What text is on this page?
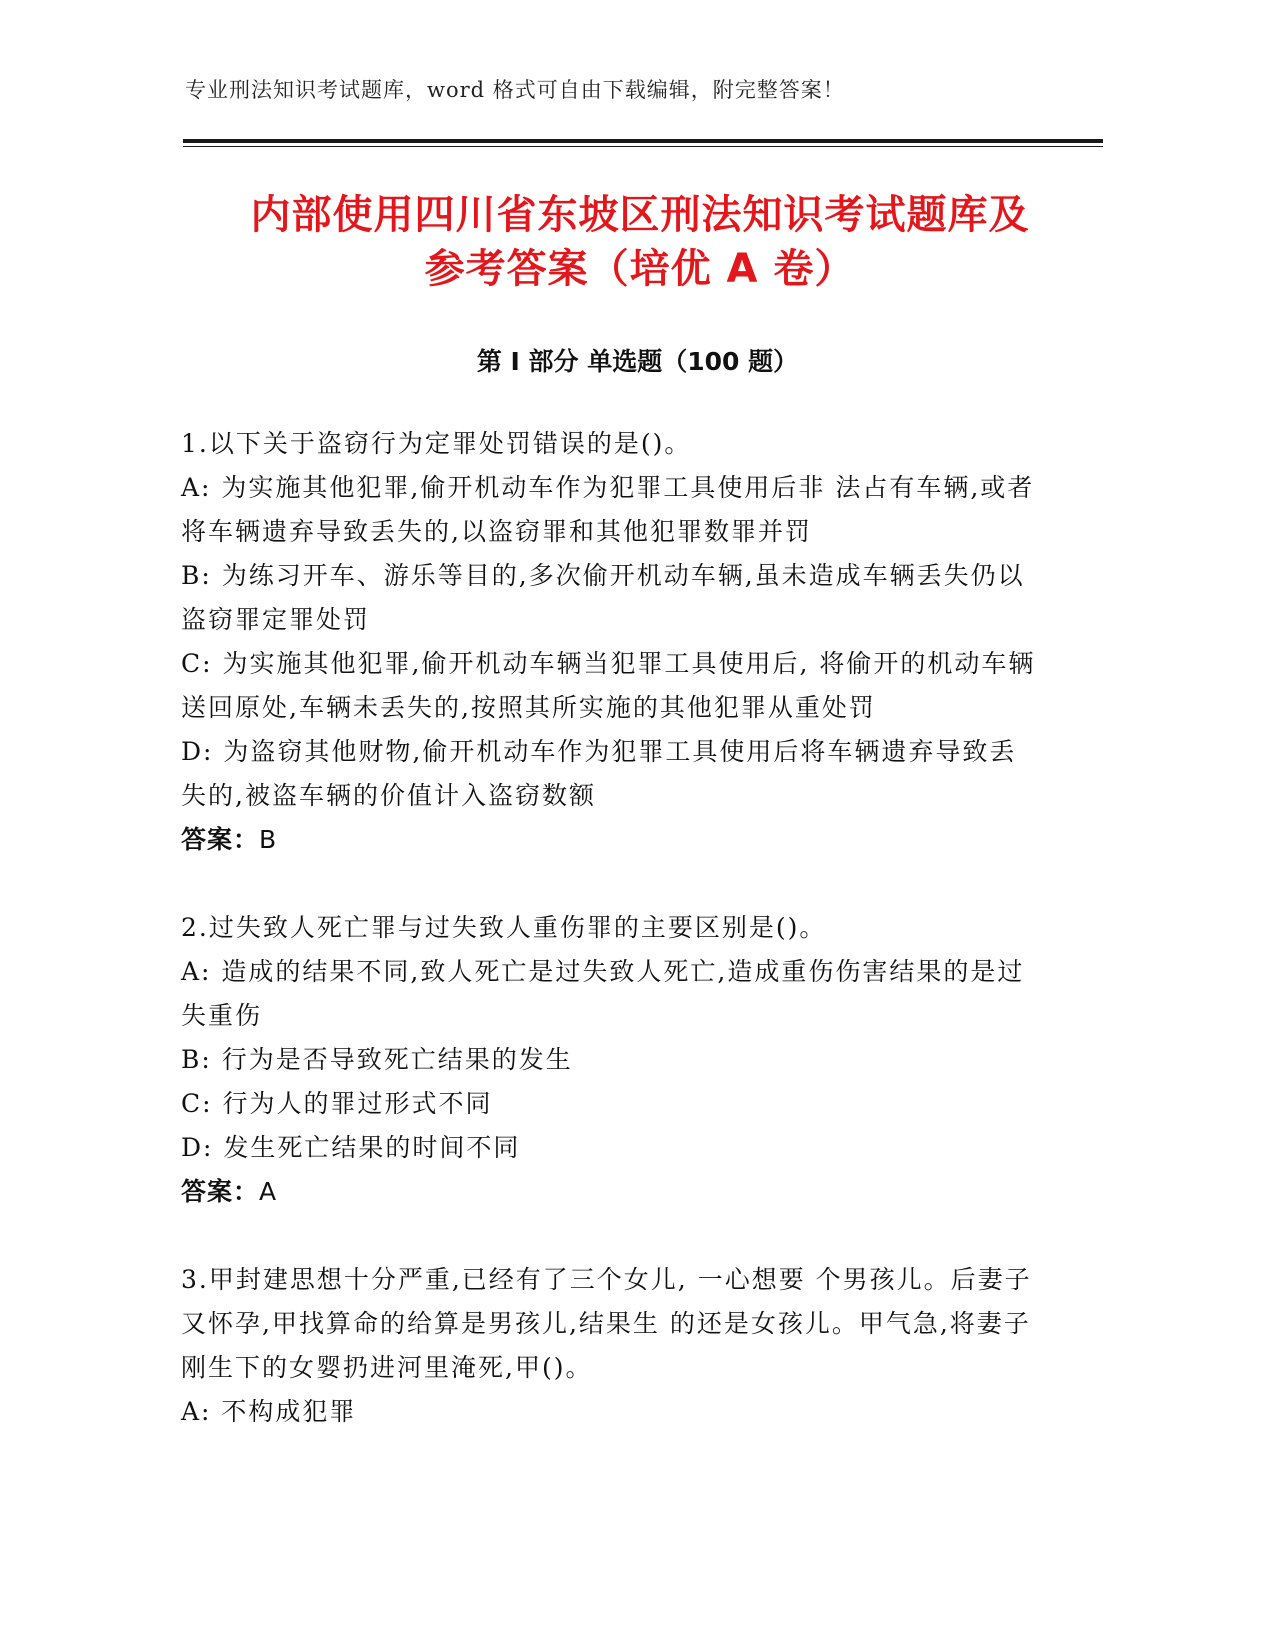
专业刑法知识考试题库，word 格式可自由下载编辑，附完整答案！
内部使用四川省东坡区刑法知识考试题库及
参考答案（培优 A 卷）
第 I 部分 单选题（100 题）

1.以下关于盗窃行为定罪处罚错误的是()。

A: 为实施其他犯罪,偷开机动车作为犯罪工具使用后非 法占有车辆,或者将车辆遗弃导致丢失的,以盗窃罪和其他犯罪数罪并罚

B: 为练习开车、游乐等目的,多次偷开机动车辆,虽未造成车辆丢失仍以盗窃罪定罪处罚

C: 为实施其他犯罪,偷开机动车辆当犯罪工具使用后, 将偷开的机动车辆送回原处,车辆未丢失的,按照其所实施的其他犯罪从重处罚

D: 为盗窃其他财物,偷开机动车作为犯罪工具使用后将车辆遗弃导致丢失的,被盗车辆的价值计入盗窃数额

答案：B

2.过失致人死亡罪与过失致人重伤罪的主要区别是()。

A: 造成的结果不同,致人死亡是过失致人死亡,造成重伤伤害结果的是过失重伤

B: 行为是否导致死亡结果的发生

C: 行为人的罪过形式不同

D: 发生死亡结果的时间不同

答案：A

3.甲封建思想十分严重,已经有了三个女儿, 一心想要 个男孩儿。后妻子又怀孕,甲找算命的给算是男孩儿,结果生 的还是女孩儿。甲气急,将妻子刚生下的女婴扔进河里淹死,甲()。

A: 不构成犯罪
